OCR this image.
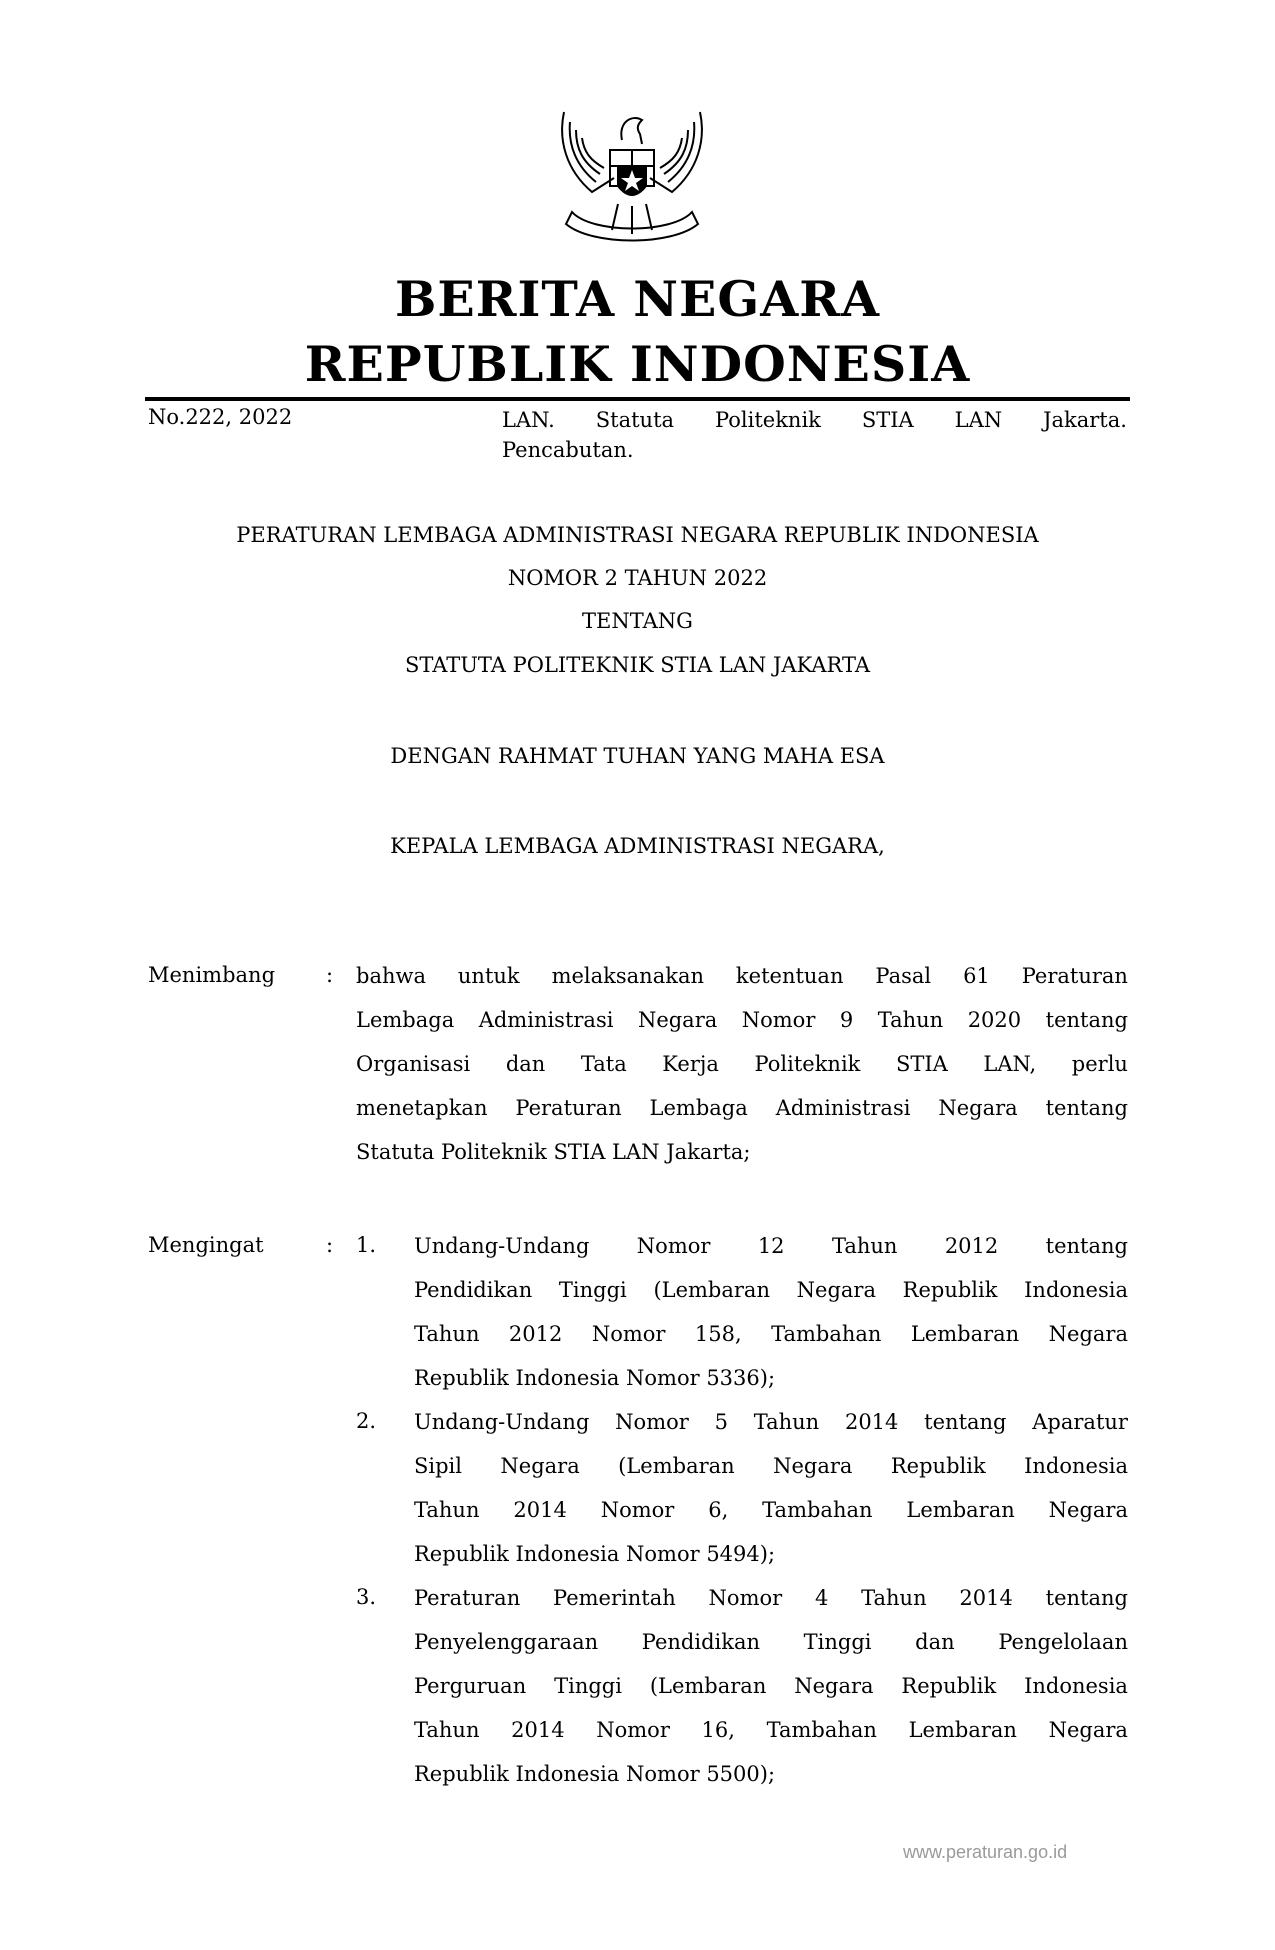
BERITA NEGARA
REPUBLIK INDONESIA
No.222, 2022	LAN. Statuta Politeknik STIA LAN Jakarta.
Pencabutan.
PERATURAN LEMBAGA ADMINISTRASI NEGARA REPUBLIK INDONESIA
NOMOR 2 TAHUN 2022
TENTANG
STATUTA POLITEKNIK STIA LAN JAKARTA
DENGAN RAHMAT TUHAN YANG MAHA ESA
KEPALA LEMBAGA ADMINISTRASI NEGARA,
Menimbang : bahwa untuk melaksanakan ketentuan Pasal 61 Peraturan
Lembaga Administrasi Negara Nomor 9 Tahun 2020 tentang
Organisasi dan Tata Kerja Politeknik STIA LAN, perlu
menetapkan Peraturan Lembaga Administrasi Negara tentang
Statuta Politeknik STIA LAN Jakarta;
Mengingat	: 1. Undang-Undang Nomor 12 Tahun 2012 tentang
Pendidikan Tinggi (Lembaran Negara Republik Indonesia
Tahun 2012 Nomor 158, Tambahan Lembaran Negara
Republik Indonesia Nomor 5336);
2. Undang-Undang Nomor 5 Tahun 2014 tentang Aparatur
Sipil Negara (Lembaran Negara Republik Indonesia
Tahun 2014 Nomor 6, Tambahan Lembaran Negara
Republik Indonesia Nomor 5494);
3. Peraturan Pemerintah Nomor 4 Tahun 2014 tentang
Penyelenggaraan Pendidikan Tinggi dan Pengelolaan
Perguruan Tinggi (Lembaran Negara Republik Indonesia
Tahun 2014 Nomor 16, Tambahan Lembaran Negara
Republik Indonesia Nomor 5500);
www.peraturan.go.id
